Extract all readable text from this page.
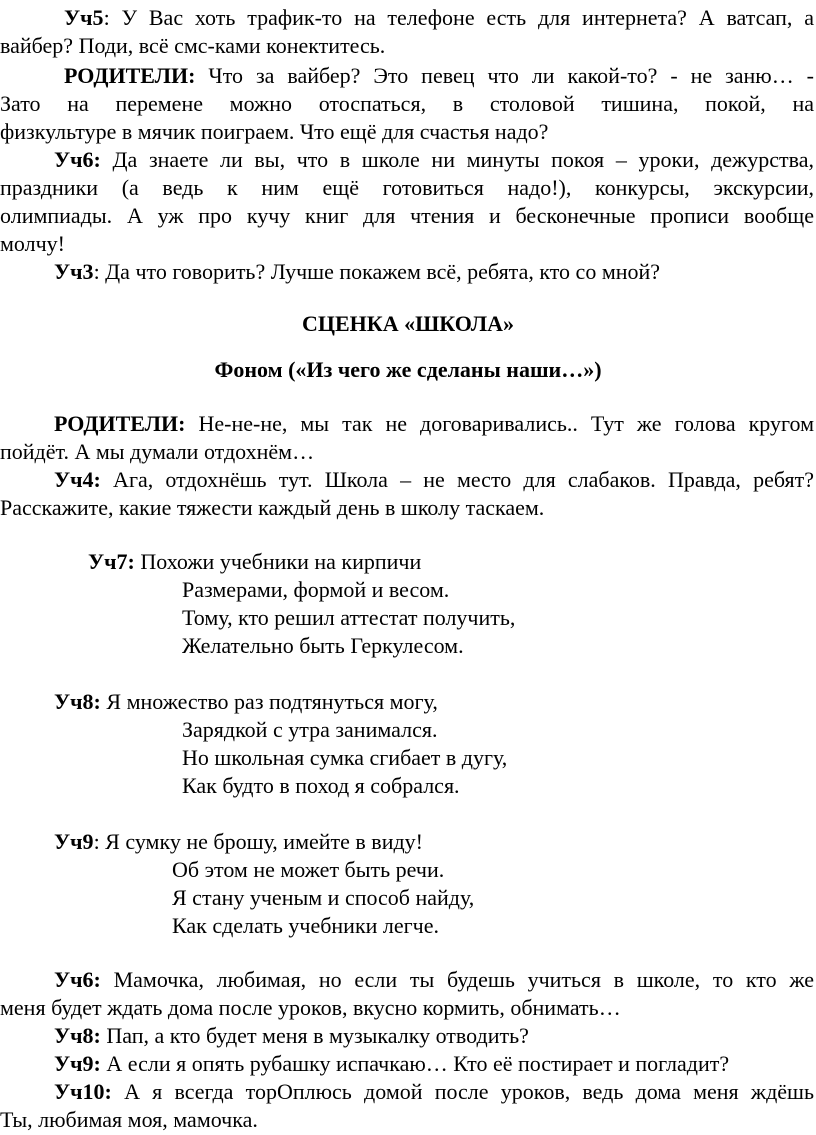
Уч5: У Вас хоть трафик-то на телефоне есть для интернета? А ватсап, а
вайбер? Поди, всё смс-ками конектитесь.
РОДИТЕЛИ: Что за вайбер? Это певец что ли какой-то? - не заню… -
Зато на перемене можно отоспаться, в столовой тишина, покой, на
физкультуре в мячик поиграем. Что ещё для счастья надо?
Уч6: Да знаете ли вы, что в школе ни минуты покоя – уроки, дежурства,
праздники (а ведь к ним ещё готовиться надо!), конкурсы, экскурсии,
олимпиады. А уж про кучу книг для чтения и бесконечные прописи вообще
молчу!
Уч3: Да что говорить? Лучше покажем всё, ребята, кто со мной?
СЦЕНКА «ШКОЛА»
Фоном («Из чего же сделаны наши…»)
РОДИТЕЛИ: Не-не-не, мы так не договаривались.. Тут же голова кругом
пойдёт. А мы думали отдохнём…
Уч4: Ага, отдохнёшь тут. Школа – не место для слабаков. Правда, ребят?
Расскажите, какие тяжести каждый день в школу таскаем.
Уч7: Похожи учебники на кирпичи
Размерами, формой и весом.
Тому, кто решил аттестат получить,
Желательно быть Геркулесом.
Уч8: Я множество раз подтянуться могу,
Зарядкой с утра занимался.
Но школьная сумка сгибает в дугу,
Как будто в поход я собрался.
Уч9: Я сумку не брошу, имейте в виду!
Об этом не может быть речи.
Я стану ученым и способ найду,
Как сделать учебники легче.
Уч6: Мамочка, любимая, но если ты будешь учиться в школе, то кто же
меня будет ждать дома после уроков, вкусно кормить, обнимать…
Уч8: Пап, а кто будет меня в музыкалку отводить?
Уч9: А если я опять рубашку испачкаю… Кто её постирает и погладит?
Уч10: А я всегда торОплюсь домой после уроков, ведь дома меня ждёшь
Ты, любимая моя, мамочка.
